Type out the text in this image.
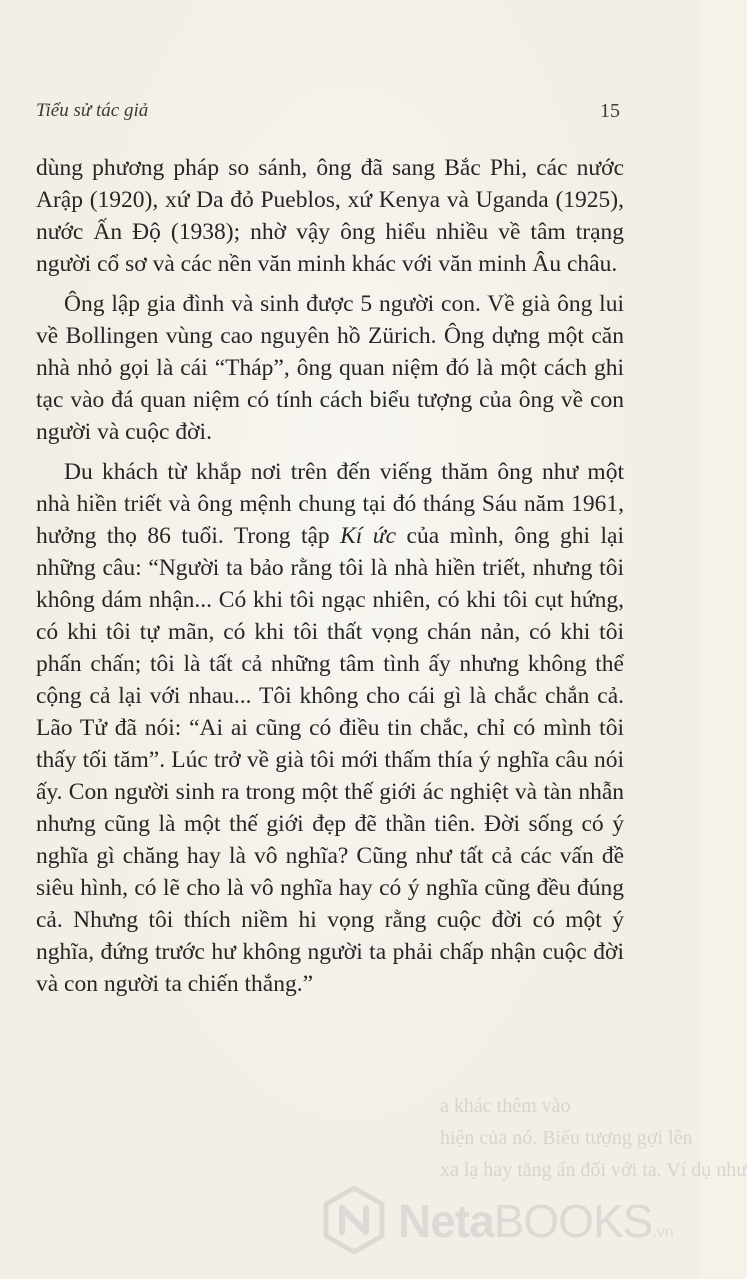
Tiểu sử tác giả	15

dùng phương pháp so sánh, ông đã sang Bắc Phi, các nước Arập (1920), xứ Da đỏ Pueblos, xứ Kenya và Uganda (1925), nước Ấn Độ (1938); nhờ vậy ông hiểu nhiều về tâm trạng người cổ sơ và các nền văn minh khác với văn minh Âu châu.

Ông lập gia đình và sinh được 5 người con. Về già ông lui về Bollingen vùng cao nguyên hồ Zürich. Ông dựng một căn nhà nhỏ gọi là cái “Tháp”, ông quan niệm đó là một cách ghi tạc vào đá quan niệm có tính cách biểu tượng của ông về con người và cuộc đời.

Du khách từ khắp nơi trên đến viếng thăm ông như một nhà hiền triết và ông mệnh chung tại đó tháng Sáu năm 1961, hưởng thọ 86 tuổi. Trong tập Kí ức của mình, ông ghi lại những câu: “Người ta bảo rằng tôi là nhà hiền triết, nhưng tôi không dám nhận... Có khi tôi ngạc nhiên, có khi tôi cụt hứng, có khi tôi tự mãn, có khi tôi thất vọng chán nản, có khi tôi phấn chấn; tôi là tất cả những tâm tình ấy nhưng không thể cộng cả lại với nhau... Tôi không cho cái gì là chắc chắn cả. Lão Tử đã nói: “Ai ai cũng có điều tin chắc, chỉ có mình tôi thấy tối tăm”. Lúc trở về già tôi mới thấm thía ý nghĩa câu nói ấy. Con người sinh ra trong một thế giới ác nghiệt và tàn nhẫn nhưng cũng là một thế giới đẹp đẽ thần tiên. Đời sống có ý nghĩa gì chăng hay là vô nghĩa? Cũng như tất cả các vấn đề siêu hình, có lẽ cho là vô nghĩa hay có ý nghĩa cũng đều đúng cả. Nhưng tôi thích niềm hi vọng rằng cuộc đời có một ý nghĩa, đứng trước hư không người ta phải chấp nhận cuộc đời và con người ta chiến thắng.”

a khác thêm vào
hiện của nó. Biểu tượng gợi lên
xa lạ hay tăng ẩn đối với ta. Ví dụ như
NetaBOOKS.vn
